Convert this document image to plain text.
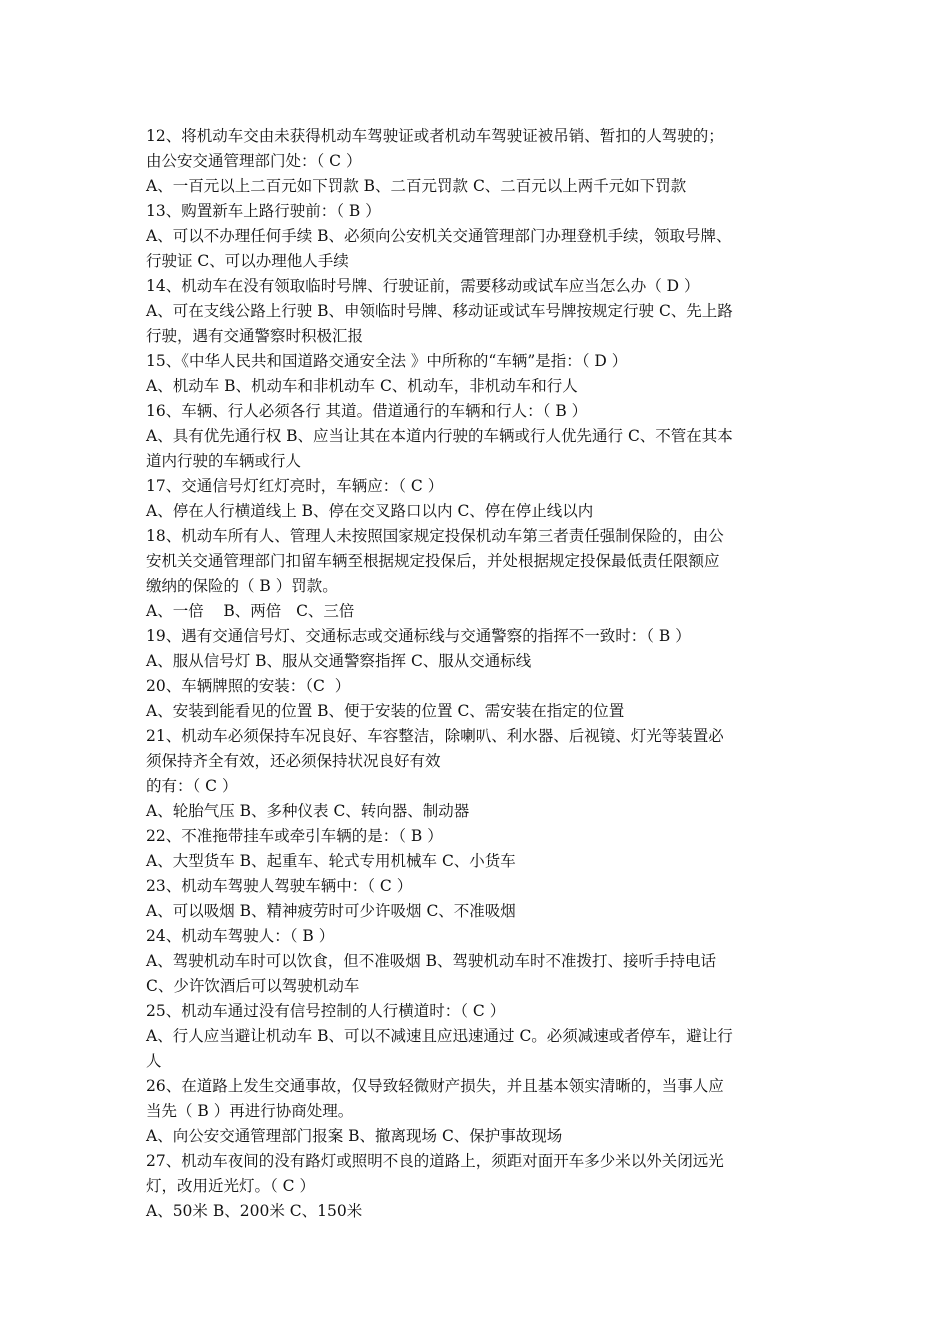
12、将机动车交由未获得机动车驾驶证或者机动车驾驶证被吊销、暂扣的人驾驶的；

由公安交通管理部门处：（ C ）

A、一百元以上二百元如下罚款 B、二百元罚款 C、二百元以上两千元如下罚款

13、购置新车上路行驶前：（ B ）

A、可以不办理任何手续 B、必须向公安机关交通管理部门办理登机手续，领取号牌、

行驶证 C、可以办理他人手续

14、机动车在没有领取临时号牌、行驶证前，需要移动或试车应当怎么办（ D ）

A、可在支线公路上行驶 B、申领临时号牌、移动证或试车号牌按规定行驶 C、先上路

行驶，遇有交通警察时积极汇报

15、《中华人民共和国道路交通安全法 》中所称的“车辆”是指：（ D ）

A、机动车 B、机动车和非机动车 C、机动车，非机动车和行人

16、车辆、行人必须各行 其道。借道通行的车辆和行人：（ B ）

A、具有优先通行权 B、应当让其在本道内行驶的车辆或行人优先通行 C、不管在其本

道内行驶的车辆或行人

17、交通信号灯红灯亮时，车辆应：（ C ）

A、停在人行横道线上 B、停在交叉路口以内 C、停在停止线以内

18、机动车所有人、管理人未按照国家规定投保机动车第三者责任强制保险的，由公

安机关交通管理部门扣留车辆至根据规定投保后，并处根据规定投保最低责任限额应

缴纳的保险的（ B ）罚款。

A、一倍    B、两倍   C、三倍

19、遇有交通信号灯、交通标志或交通标线与交通警察的指挥不一致时：（ B ）

A、服从信号灯 B、服从交通警察指挥 C、服从交通标线

20、车辆牌照的安装：（C  ）

A、安装到能看见的位置 B、便于安装的位置 C、需安装在指定的位置

21、机动车必须保持车况良好、车容整洁，除喇叭、利水器、后视镜、灯光等装置必

须保持齐全有效，还必须保持状况良好有效

的有：（ C ）

A、轮胎气压 B、多种仪表 C、转向器、制动器

22、不准拖带挂车或牵引车辆的是：（ B ）

A、大型货车 B、起重车、轮式专用机械车 C、小货车

23、机动车驾驶人驾驶车辆中：（ C ）

A、可以吸烟 B、精神疲劳时可少许吸烟 C、不准吸烟

24、机动车驾驶人：（ B ）

A、驾驶机动车时可以饮食，但不准吸烟 B、驾驶机动车时不准拨打、接听手持电话

C、少许饮酒后可以驾驶机动车

25、机动车通过没有信号控制的人行横道时：（ C ）

A、行人应当避让机动车 B、可以不减速且应迅速通过 C。必须减速或者停车，避让行

人

26、在道路上发生交通事故，仅导致轻微财产损失，并且基本领实清晰的，当事人应

当先（ B ）再进行协商处理。

A、向公安交通管理部门报案 B、撤离现场 C、保护事故现场

27、机动车夜间的没有路灯或照明不良的道路上，须距对面开车多少米以外关闭远光

灯，改用近光灯。（ C ）

A、50米 B、200米 C、150米
